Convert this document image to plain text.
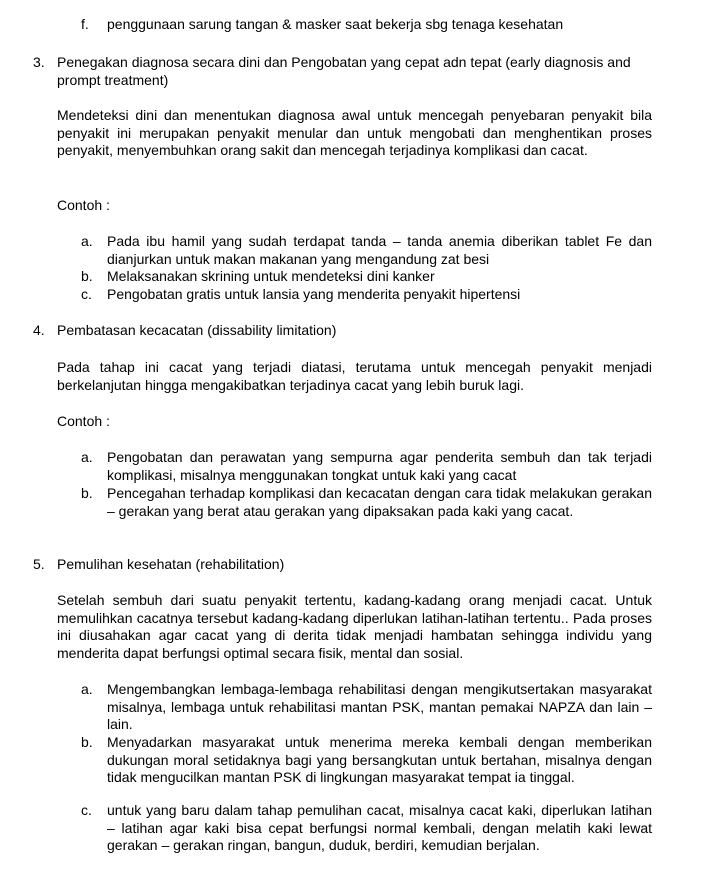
f. penggunaan sarung tangan & masker saat bekerja sbg tenaga kesehatan
3. Penegakan diagnosa secara dini dan Pengobatan yang cepat adn tepat (early diagnosis and prompt treatment)
Mendeteksi dini dan menentukan diagnosa awal untuk mencegah penyebaran penyakit bila penyakit ini merupakan penyakit menular dan untuk mengobati dan menghentikan proses penyakit, menyembuhkan orang sakit dan mencegah terjadinya komplikasi dan cacat.
Contoh :
a. Pada ibu hamil yang sudah terdapat tanda – tanda anemia diberikan tablet Fe dan dianjurkan untuk makan makanan yang mengandung zat besi
b. Melaksanakan skrining untuk mendeteksi dini kanker
c. Pengobatan gratis untuk lansia yang menderita penyakit hipertensi
4. Pembatasan kecacatan (dissability limitation)
Pada tahap ini cacat yang terjadi diatasi, terutama untuk mencegah penyakit menjadi berkelanjutan hingga mengakibatkan terjadinya cacat yang lebih buruk lagi.
Contoh :
a. Pengobatan dan perawatan yang sempurna agar penderita sembuh dan tak terjadi komplikasi, misalnya menggunakan tongkat untuk kaki yang cacat
b. Pencegahan terhadap komplikasi dan kecacatan dengan cara tidak melakukan gerakan – gerakan yang berat atau gerakan yang dipaksakan pada kaki yang cacat.
5. Pemulihan kesehatan (rehabilitation)
Setelah sembuh dari suatu penyakit tertentu, kadang-kadang orang menjadi cacat. Untuk memulihkan cacatnya tersebut kadang-kadang diperlukan latihan-latihan tertentu.. Pada proses ini diusahakan agar cacat yang di derita tidak menjadi hambatan sehingga individu yang menderita dapat berfungsi optimal secara fisik, mental dan sosial.
a. Mengembangkan lembaga-lembaga rehabilitasi dengan mengikutsertakan masyarakat misalnya, lembaga untuk rehabilitasi mantan PSK, mantan pemakai NAPZA dan lain – lain.
b. Menyadarkan masyarakat untuk menerima mereka kembali dengan memberikan dukungan moral setidaknya bagi yang bersangkutan untuk bertahan, misalnya dengan tidak mengucilkan mantan PSK di lingkungan masyarakat tempat ia tinggal.
c. untuk yang baru dalam tahap pemulihan cacat, misalnya cacat kaki, diperlukan latihan – latihan agar kaki bisa cepat berfungsi normal kembali, dengan melatih kaki lewat gerakan – gerakan ringan, bangun, duduk, berdiri, kemudian berjalan.
